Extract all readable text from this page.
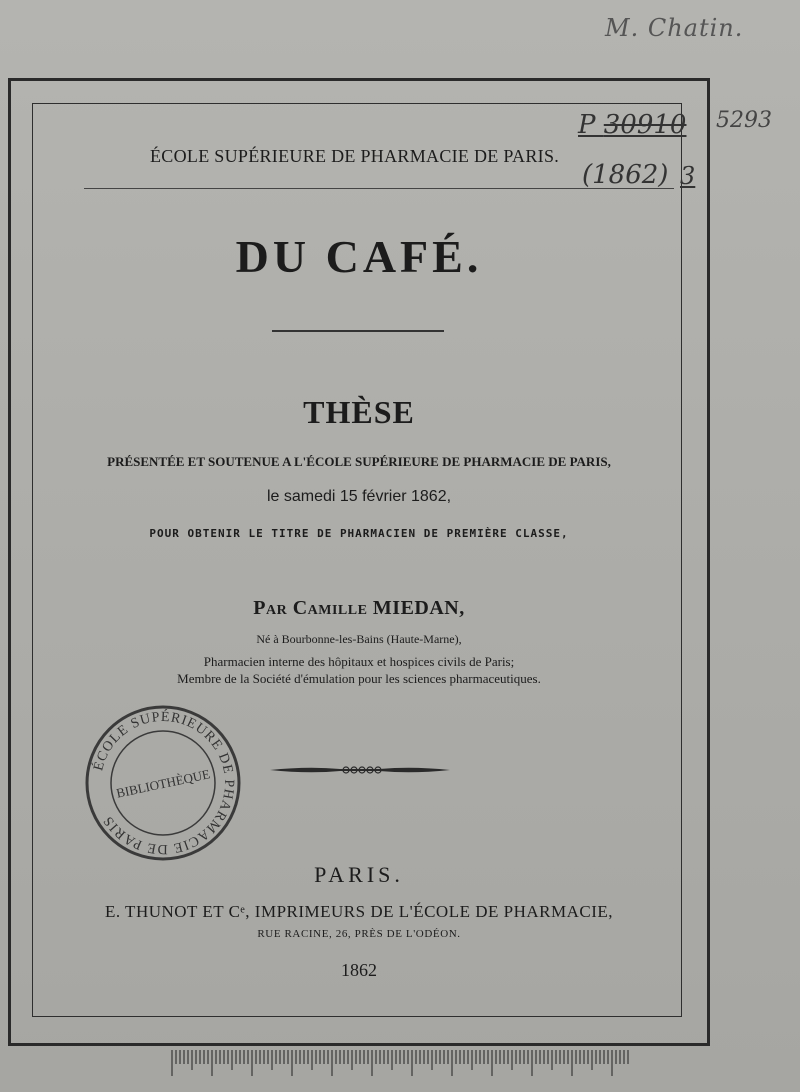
M. Chatin.
P 30910
(1862) 3
5293
ÉCOLE SUPÉRIEURE DE PHARMACIE DE PARIS.
DU CAFÉ.
THÈSE
PRÉSENTÉE ET SOUTENUE A L'ÉCOLE SUPÉRIEURE DE PHARMACIE DE PARIS,
le samedi 15 février 1862,
POUR OBTENIR LE TITRE DE PHARMACIEN DE PREMIÈRE CLASSE,
Par Camille MIEDAN,
Né à Bourbonne-les-Bains (Haute-Marne),
Pharmacien interne des hôpitaux et hospices civils de Paris;
Membre de la Société d'émulation pour les sciences pharmaceutiques.
ÉCOLE SUPÉRIEURE DE PHARMACIE DE PARIS
BIBLIOTHÈQUE
PARIS.
E. THUNOT ET Cᵉ, IMPRIMEURS DE L'ÉCOLE DE PHARMACIE,
RUE RACINE, 26, PRÈS DE L'ODÉON.
1862
